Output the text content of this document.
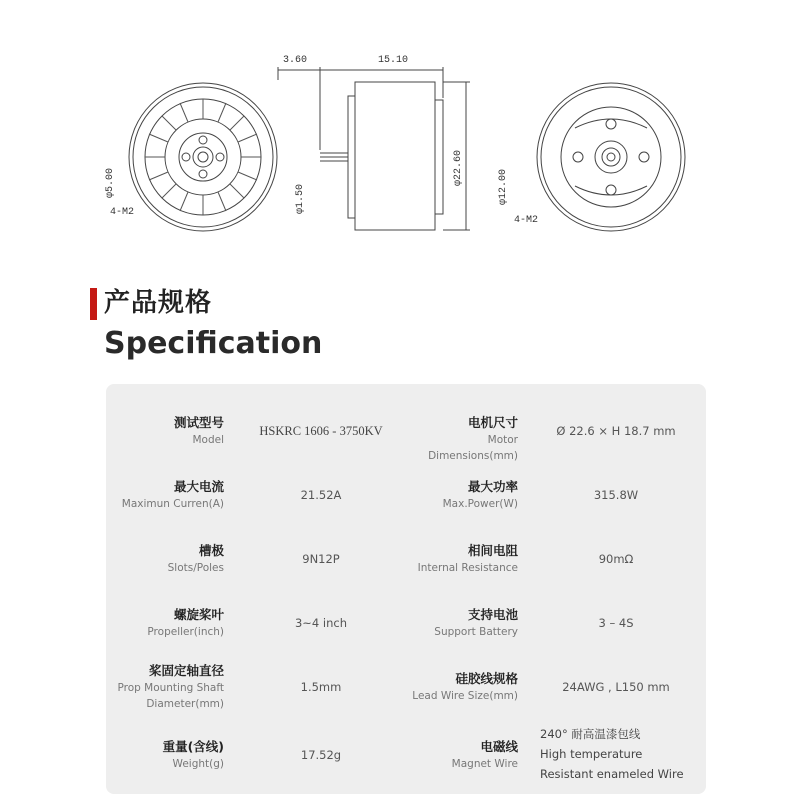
3.60	15.10
φ5.00
4-M2	φ1.50
φ22.60
φ12.00
4-M2
产品规格
Specification
测试型号
Model
HSKRC 1606 - 3750KV
电机尺寸
Motor Dimensions(mm)
Ø 22.6 × H 18.7 mm
最大电流
Maximun Curren(A)
21.52A
最大功率
Max.Power(W)
315.8W
槽极
Slots/Poles
9N12P
相间电阻
Internal Resistance
90mΩ
螺旋桨叶
Propeller(inch)
3~4 inch
支持电池
Support Battery
3 – 4S
桨固定轴直径
Prop Mounting Shaft
Diameter(mm)
1.5mm
硅胶线规格
Lead Wire Size(mm)
24AWG , L150 mm
重量(含线)
Weight(g)
17.52g
电磁线
Magnet Wire
240° 耐高温漆包线
High temperature
Resistant enameled Wire
